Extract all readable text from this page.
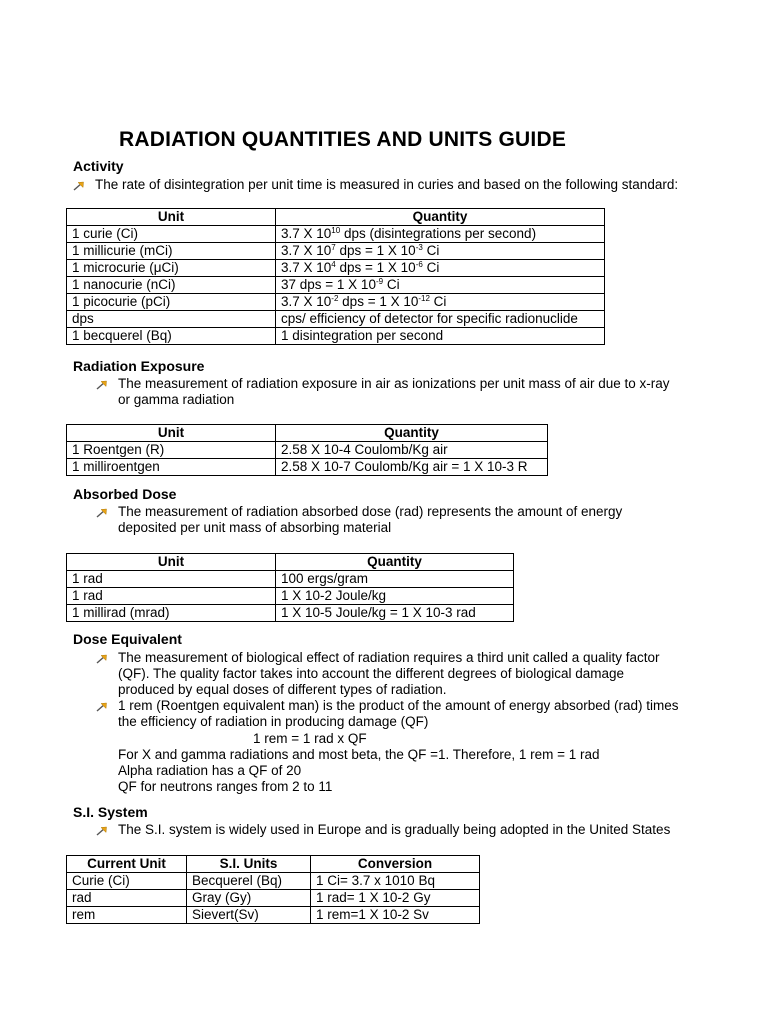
RADIATION QUANTITIES AND UNITS GUIDE
Activity

The rate of disintegration per unit time is measured in curies and based on the following standard:

Unit	Quantity
1 curie (Ci)	3.7 X $10^{10}$ dps (disintegrations per second)
1 millicurie (mCi)	3.7 X $10^7$ dps = 1 X $10^{-3}$ Ci
1 microcurie (μCi)	3.7 X $10^4$ dps = 1 X $10^{-6}$ Ci
1 nanocurie (nCi)	37 dps = 1 X $10^{-9}$ Ci
1 picocurie (pCi)	3.7 X $10^{-2}$ dps = 1 X $10^{-12}$ Ci
dps	cps/ efficiency of detector for specific radionuclide
1 becquerel (Bq)	1 disintegration per second
Radiation Exposure

The measurement of radiation exposure in air as ionizations per unit mass of air due to x-ray

or gamma radiation

Unit	Quantity
1 Roentgen (R)	2.58 X 10-4 Coulomb/Kg air
1 milliroentgen	2.58 X 10-7 Coulomb/Kg air = 1 X 10-3 R
Absorbed Dose

The measurement of radiation absorbed dose (rad) represents the amount of energy

deposited per unit mass of absorbing material

Unit	Quantity
1 rad	100 ergs/gram
1 rad	1 X 10-2 Joule/kg
1 millirad (mrad)	1 X 10-5 Joule/kg = 1 X 10-3 rad
Dose Equivalent

The measurement of biological effect of radiation requires a third unit called a quality factor

(QF). The quality factor takes into account the different degrees of biological damage

produced by equal doses of different types of radiation.

1 rem (Roentgen equivalent man) is the product of the amount of energy absorbed (rad) times

the efficiency of radiation in producing damage (QF)

1 rem = 1 rad x QF
For X and gamma radiations and most beta, the QF =1. Therefore, 1 rem = 1 rad
Alpha radiation has a QF of 20
QF for neutrons ranges from 2 to 11
S.I. System

The S.I. system is widely used in Europe and is gradually being adopted in the United States

Current Unit	S.I. Units	Conversion
Curie (Ci)	Becquerel (Bq)	1 Ci= 3.7 x 1010 Bq
rad	Gray (Gy)	1 rad= 1 X 10-2 Gy
rem	Sievert(Sv)	1 rem=1 X 10-2 Sv
